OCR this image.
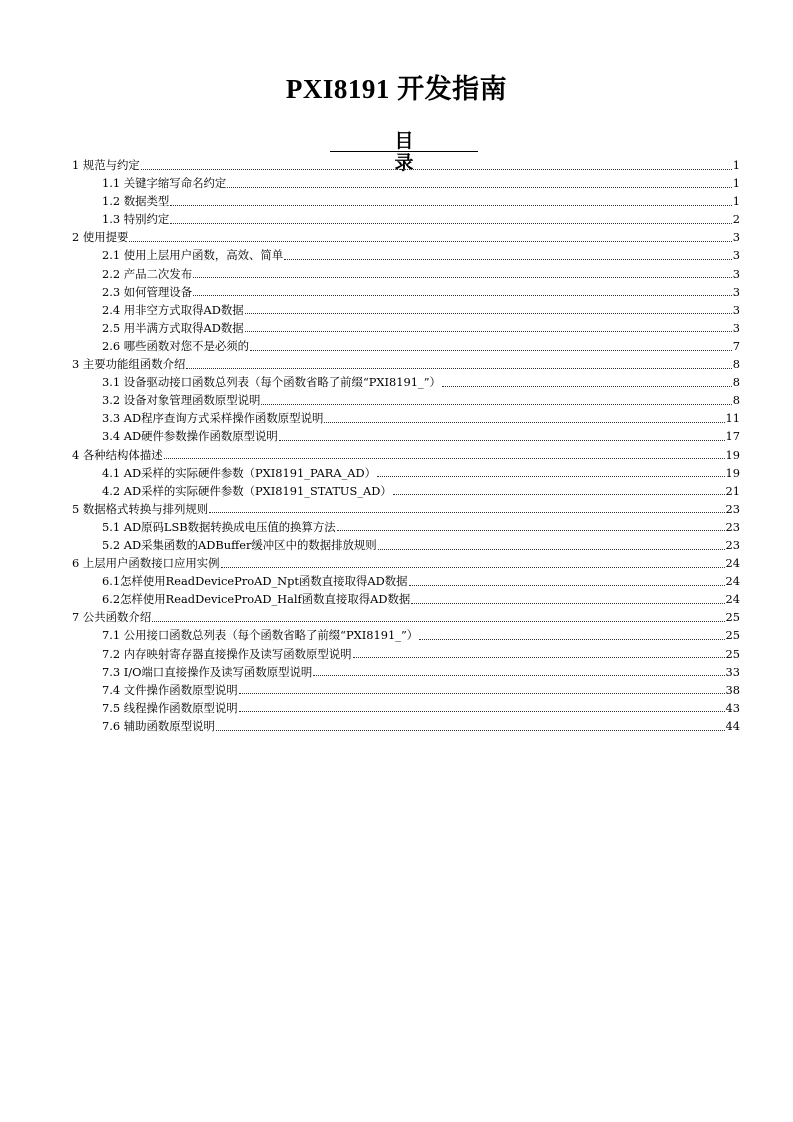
PXI8191 开发指南
目录
1 规范与约定	1
1.1 关键字缩写命名约定	1
1.2 数据类型	1
1.3 特别约定	2
2 使用提要	3
2.1 使用上层用户函数，高效、简单	3
2.2 产品二次发布	3
2.3 如何管理设备	3
2.4 用非空方式取得AD数据	3
2.5 用半满方式取得AD数据	3
2.6 哪些函数对您不是必须的	7
3 主要功能组函数介绍	8
3.1 设备驱动接口函数总列表（每个函数省略了前缀“PXI8191_”）	8
3.2 设备对象管理函数原型说明	8
3.3 AD程序查询方式采样操作函数原型说明	11
3.4 AD硬件参数操作函数原型说明	17
4 各种结构体描述	19
4.1 AD采样的实际硬件参数（PXI8191_PARA_AD）	19
4.2 AD采样的实际硬件参数（PXI8191_STATUS_AD）	21
5 数据格式转换与排列规则	23
5.1 AD原码LSB数据转换成电压值的换算方法	23
5.2 AD采集函数的ADBuffer缓冲区中的数据排放规则	23
6 上层用户函数接口应用实例	24
6.1怎样使用ReadDeviceProAD_Npt函数直接取得AD数据	24
6.2怎样使用ReadDeviceProAD_Half函数直接取得AD数据	24
7 公共函数介绍	25
7.1 公用接口函数总列表（每个函数省略了前缀“PXI8191_”）	25
7.2 内存映射寄存器直接操作及读写函数原型说明	25
7.3 I/O端口直接操作及读写函数原型说明	33
7.4 文件操作函数原型说明	38
7.5 线程操作函数原型说明	43
7.6 辅助函数原型说明	44
